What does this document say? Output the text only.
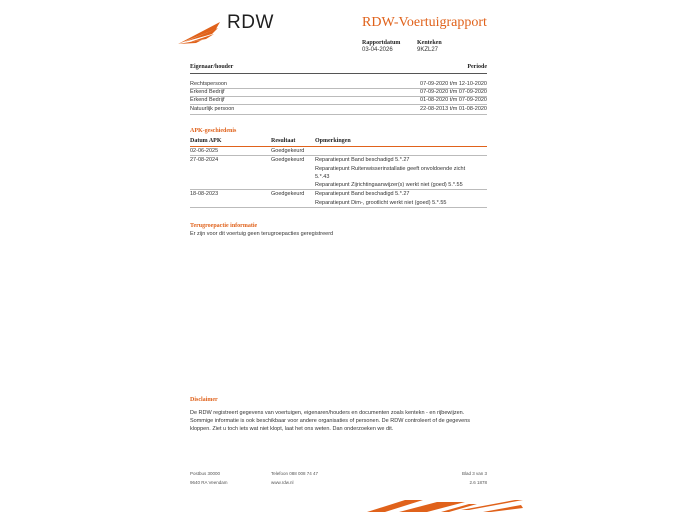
RDW	RDW-Voertuigrapport
Rapportdatum
03-04-2026
Kenteken
9KZL27
Eigenaar/houder	Periode
Rechtspersoon	07-09-2020 t/m 12-10-2020
Erkend Bedrijf	07-09-2020 t/m 07-09-2020
Erkend Bedrijf	01-08-2020 t/m 07-09-2020
Natuurlijk persoon	22-08-2013 t/m 01-08-2020
APK-geschiedenis
Datum APK	Resultaat	Opmerkingen
02-06-2025	Goedgekeurd
27-08-2024	Goedgekeurd Reparatiepunt Band beschadigd 5.*.27
Reparatiepunt Ruitenwisserinstallatie geeft onvoldoende zicht
5.*.43
Reparatiepunt Zijrichtingaanwijzer(s) werkt niet (goed) 5.*.55
18-08-2023	Goedgekeurd Reparatiepunt Band beschadigd 5.*.27
Reparatiepunt Dim-, grootlicht werkt niet (goed) 5.*.55
Terugroepactie informatie
Er zijn voor dit voertuig geen terugroepacties geregistreerd
Disclaimer
De RDW registreert gegevens van voertuigen, eigenaren/houders en documenten zoals kentekn - en rijbewijzen.
Sommige informatie is ook beschikbaar voor andere organisaties of personen. De RDW controleert of de gegevens
kloppen. Ziet u toch iets wat niet klopt, laat het ons weten. Dan onderzoeken we dit.
Postbus 30000
9640 RA Veendam
Telefoon 088 008 74 47
www.rdw.nl
Blad 3 van 3
2.6 1878
